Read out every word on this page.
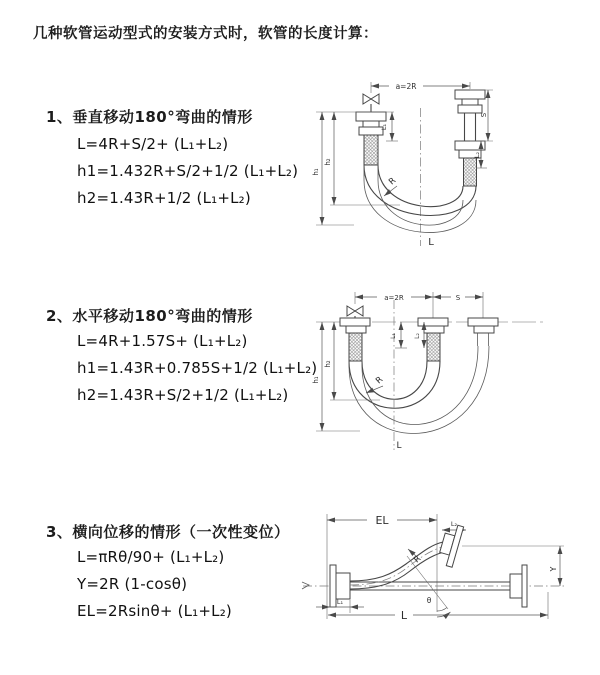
几种软管运动型式的安装方式时，软管的长度计算：
1、垂直移动180°弯曲的情形
L=4R+S/2+ (L₁+L₂)
h1=1.432R+S/2+1/2 (L₁+L₂)
h2=1.43R+1/2 (L₁+L₂)
2、水平移动180°弯曲的情形
L=4R+1.57S+ (L₁+L₂)
h1=1.43R+0.785S+1/2 (L₁+L₂)
h2=1.43R+S/2+1/2 (L₁+L₂)
3、横向位移的情形（一次性变位）
L=πRθ/90+ (L₁+L₂)
Y=2R (1-cosθ)
EL=2Rsinθ+ (L₁+L₂)
a=2R
h₁
h₂
L₁
S
L₂
R
L
a=2R	S
h₁
h₂
L₁	L₂
R
L
EL	L₂
Y
θ
R
L₁
L
